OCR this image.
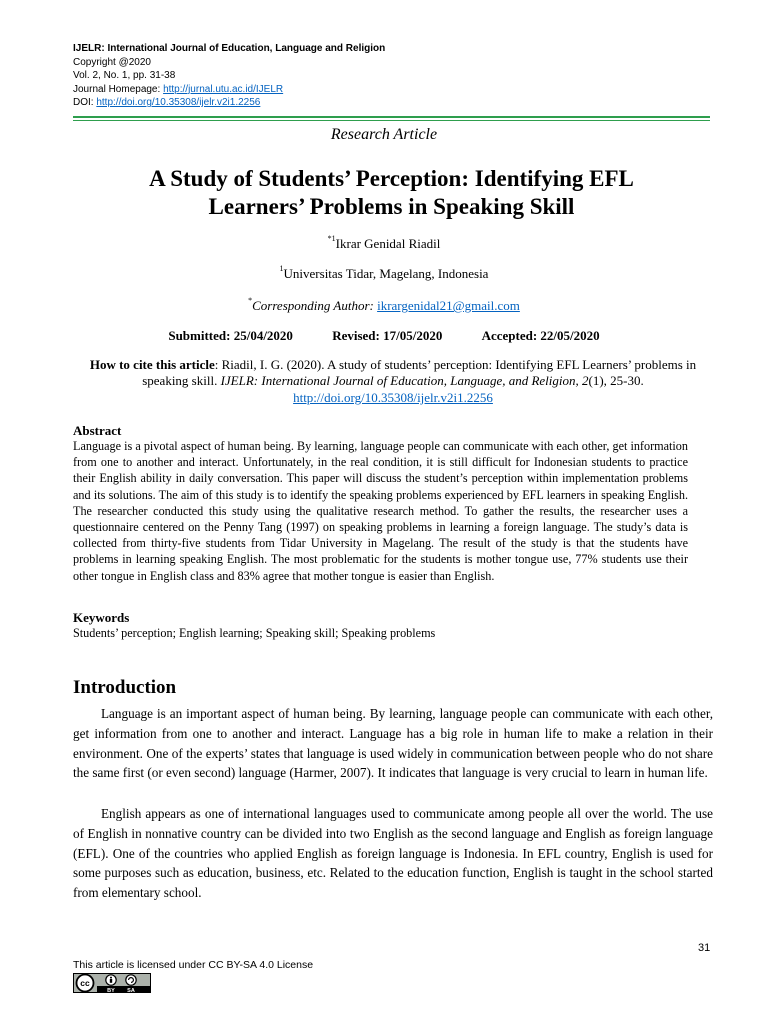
IJELR: International Journal of Education, Language and Religion
Copyright @2020
Vol. 2, No. 1, pp. 31-38
Journal Homepage: http://jurnal.utu.ac.id/IJELR
DOI: http://doi.org/10.35308/ijelr.v2i1.2256
Research Article
A Study of Students’ Perception: Identifying EFL
Learners’ Problems in Speaking Skill
$^{*1}$Ikrar Genidal Riadil
$^1$Universitas Tidar, Magelang, Indonesia
*Corresponding Author: ikrargenidal21@gmail.com
Submitted: 25/04/2020	Revised: 17/05/2020	Accepted: 22/05/2020
How to cite this article: Riadil, I. G. (2020). A study of students’ perception: Identifying EFL Learners’ problems in speaking skill. IJELR: International Journal of Education, Language, and Religion, 2(1), 25-30.
http://doi.org/10.35308/ijelr.v2i1.2256
Abstract
Language is a pivotal aspect of human being. By learning, language people can communicate with each other, get information from one to another and interact. Unfortunately, in the real condition, it is still difficult for Indonesian students to practice their English ability in daily conversation. This paper will discuss the student’s perception within implementation problems and its solutions. The aim of this study is to identify the speaking problems experienced by EFL learners in speaking English. The researcher conducted this study using the qualitative research method. To gather the results, the researcher uses a questionnaire centered on the Penny Tang (1997) on speaking problems in learning a foreign language. The study’s data is collected from thirty-five students from Tidar University in Magelang. The result of the study is that the students have problems in learning speaking English. The most problematic for the students is mother tongue use, 77% students use their other tongue in English class and 83% agree that mother tongue is easier than English.
Keywords
Students’ perception; English learning; Speaking skill; Speaking problems
Introduction
Language is an important aspect of human being. By learning, language people can communicate with each other, get information from one to another and interact. Language has a big role in human life to make a relation in their environment. One of the experts’ states that language is used widely in communication between people who do not share the same first (or even second) language (Harmer, 2007). It indicates that language is very crucial to learn in human life.
English appears as one of international languages used to communicate among people all over the world. The use of English in nonnative country can be divided into two English as the second language and English as foreign language (EFL). One of the countries who applied English as foreign language is Indonesia. In EFL country, English is used for some purposes such as education, business, etc. Related to the education function, English is taught in the school started from elementary school.
31
This article is licensed under CC BY-SA 4.0 License
cc
BY SA
